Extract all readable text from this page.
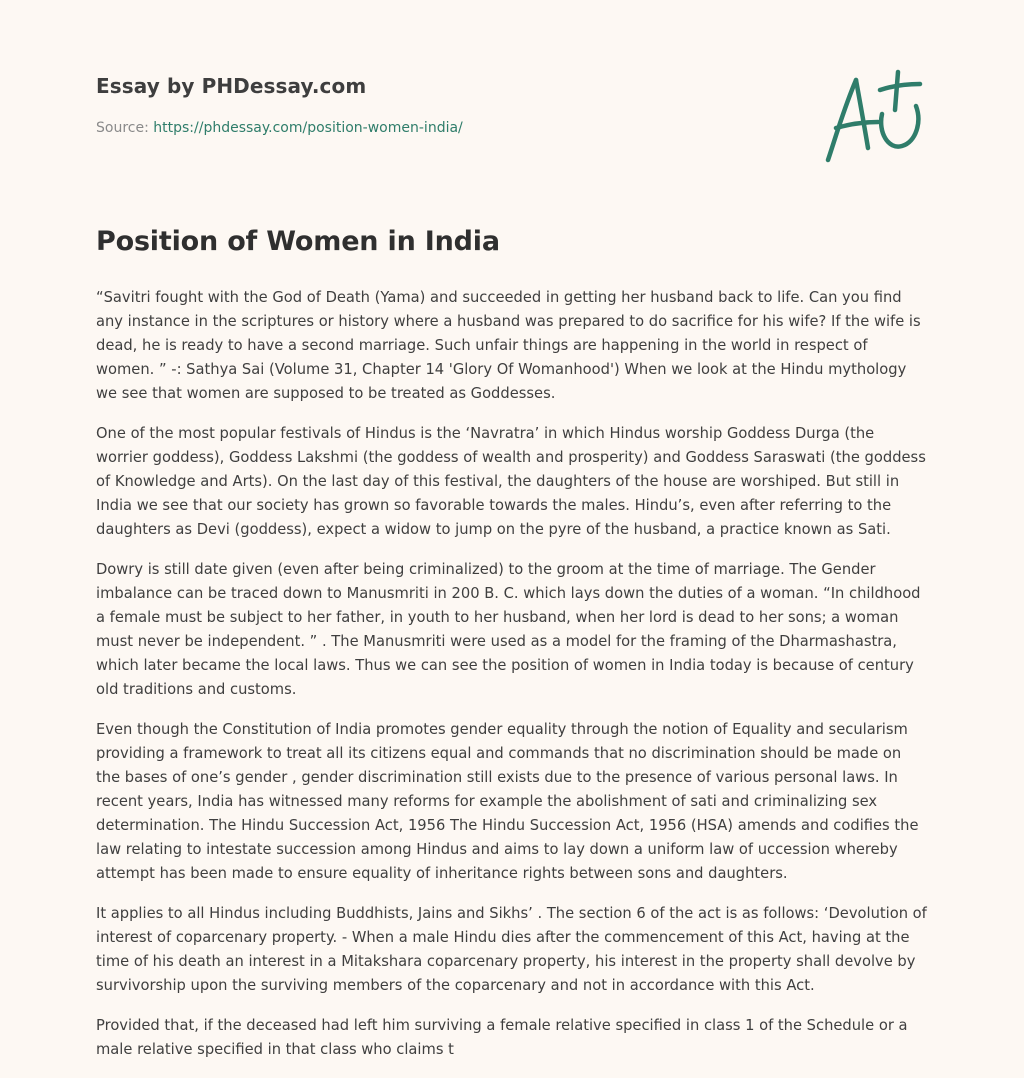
Essay by PHDessay.com
Source: https://phdessay.com/position-women-india/
Position of Women in India

“Savitri fought with the God of Death (Yama) and succeeded in getting her husband back to life. Can you find any instance in the scriptures or history where a husband was prepared to do sacrifice for his wife? If the wife is dead, he is ready to have a second marriage. Such unfair things are happening in the world in respect of women. ” -: Sathya Sai (Volume 31, Chapter 14 'Glory Of Womanhood') When we look at the Hindu mythology we see that women are supposed to be treated as Goddesses.

One of the most popular festivals of Hindus is the ‘Navratra’ in which Hindus worship Goddess Durga (the worrier goddess), Goddess Lakshmi (the goddess of wealth and prosperity) and Goddess Saraswati (the goddess of Knowledge and Arts). On the last day of this festival, the daughters of the house are worshiped. But still in India we see that our society has grown so favorable towards the males. Hindu’s, even after referring to the daughters as Devi (goddess), expect a widow to jump on the pyre of the husband, a practice known as Sati.

Dowry is still date given (even after being criminalized) to the groom at the time of marriage. The Gender imbalance can be traced down to Manusmriti in 200 B. C. which lays down the duties of a woman. “In childhood a female must be subject to her father, in youth to her husband, when her lord is dead to her sons; a woman must never be independent. ” . The Manusmriti were used as a model for the framing of the Dharmashastra, which later became the local laws. Thus we can see the position of women in India today is because of century old traditions and customs.

Even though the Constitution of India promotes gender equality through the notion of Equality and secularism providing a framework to treat all its citizens equal and commands that no discrimination should be made on the bases of one’s gender , gender discrimination still exists due to the presence of various personal laws. In recent years, India has witnessed many reforms for example the abolishment of sati and criminalizing sex determination. The Hindu Succession Act, 1956 The Hindu Succession Act, 1956 (HSA) amends and codifies the law relating to intestate succession among Hindus and aims to lay down a uniform law of uccession whereby attempt has been made to ensure equality of inheritance rights between sons and daughters.

It applies to all Hindus including Buddhists, Jains and Sikhs’ . The section 6 of the act is as follows: ‘Devolution of interest of coparcenary property. - When a male Hindu dies after the commencement of this Act, having at the time of his death an interest in a Mitakshara coparcenary property, his interest in the property shall devolve by survivorship upon the surviving members of the coparcenary and not in accordance with this Act.

Provided that, if the deceased had left him surviving a female relative specified in class 1 of the Schedule or a male relative specified in that class who claims t
